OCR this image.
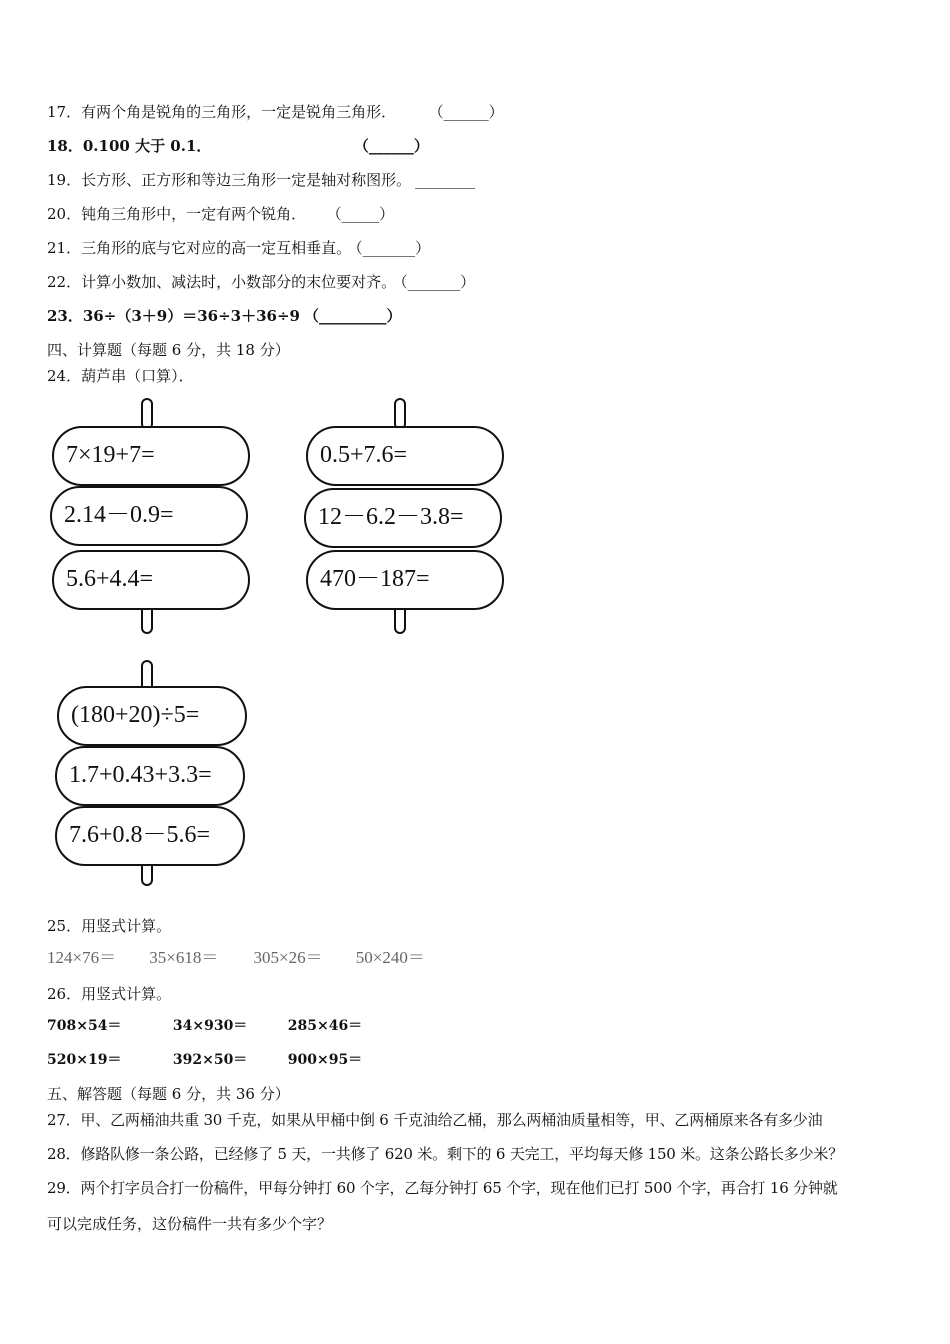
17．有两个角是锐角的三角形，一定是锐角三角形．	（______）
18．0.100 大于 0.1．	（______）
19．长方形、正方形和等边三角形一定是轴对称图形。 ________
20．钝角三角形中，一定有两个锐角． （_____）
21．三角形的底与它对应的高一定互相垂直。 （_______）
22．计算小数加、减法时，小数部分的末位要对齐。 （_______）
23．36÷（3＋9）＝36÷3＋36÷9 （_________）
四、计算题（每题 6 分，共 18 分）
24．葫芦串（口算）．
7×19+7=
2.14－0.9=
5.6+4.4=
0.5+7.6=
12－6.2－3.8=
470－187=
(180+20)÷5=
1.7+0.43+3.3=
7.6+0.8－5.6=
25．用竖式计算。
124×76＝ 35×618＝ 305×26＝ 50×240＝
26．用竖式计算。
708×54＝	34×930＝	285×46＝
520×19＝	392×50＝	900×95＝
五、解答题（每题 6 分，共 36 分）
27．甲、乙两桶油共重 30 千克，如果从甲桶中倒 6 千克油给乙桶，那么两桶油质量相等，甲、乙两桶原来各有多少油
28．修路队修一条公路，已经修了 5 天，一共修了 620 米。剩下的 6 天完工，平均每天修 150 米。这条公路长多少米？
29．两个打字员合打一份稿件，甲每分钟打 60 个字，乙每分钟打 65 个字，现在他们已打 500 个字，再合打 16 分钟就
可以完成任务，这份稿件一共有多少个字？
